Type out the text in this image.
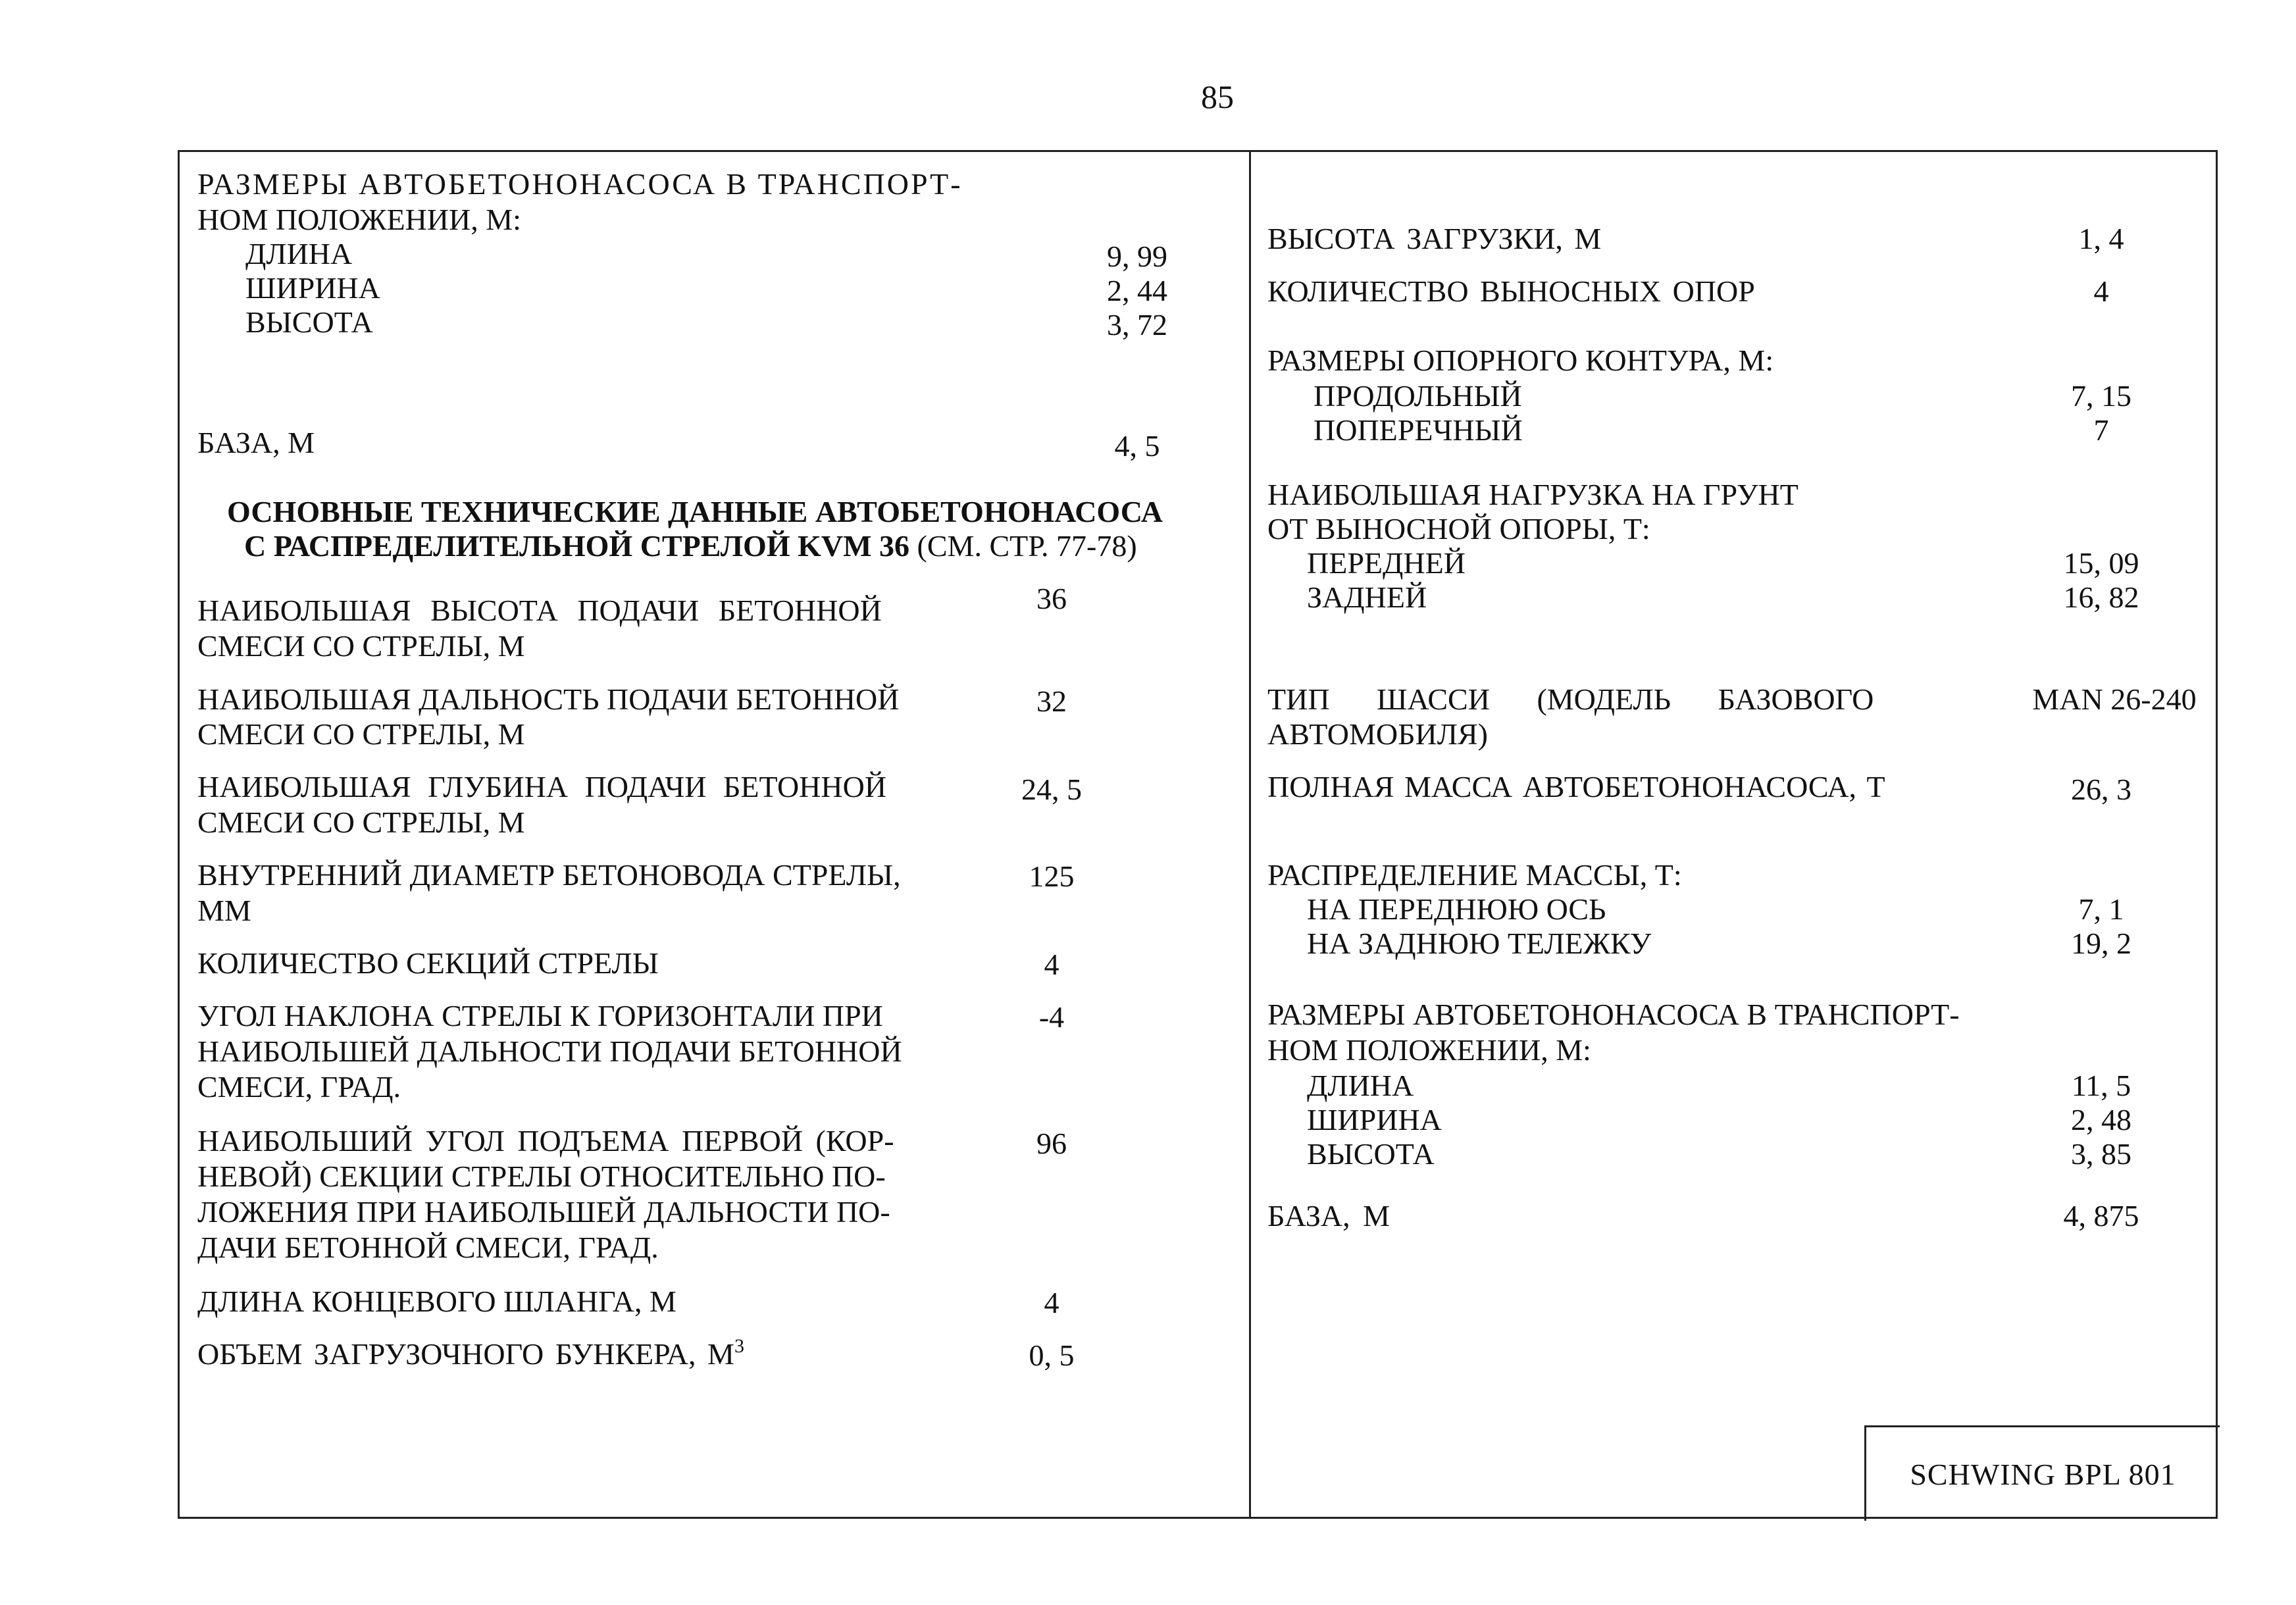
85
РАЗМЕРЫ АВТОБЕТОНОНАСОСА В ТРАНСПОРТ-
НОМ ПОЛОЖЕНИИ, М:
ДЛИНА	9, 99
ШИРИНА	2, 44
ВЫСОТА	3, 72
БАЗА, М	4, 5
ОСНОВНЫЕ ТЕХНИЧЕСКИЕ ДАННЫЕ АВТОБЕТОНОНАСОСА
С РАСПРЕДЕЛИТЕЛЬНОЙ СТРЕЛОЙ KVM 36 (СМ. СТР. 77-78)
НАИБОЛЬШАЯ ВЫСОТА ПОДАЧИ БЕТОННОЙ
СМЕСИ СО СТРЕЛЫ, М
36
НАИБОЛЬШАЯ ДАЛЬНОСТЬ ПОДАЧИ БЕТОННОЙ
СМЕСИ СО СТРЕЛЫ, М
32
НАИБОЛЬШАЯ ГЛУБИНА ПОДАЧИ БЕТОННОЙ
СМЕСИ СО СТРЕЛЫ, М
24, 5
ВНУТРЕННИЙ ДИАМЕТР БЕТОНОВОДА СТРЕЛЫ,
ММ
125
КОЛИЧЕСТВО СЕКЦИЙ СТРЕЛЫ	4
УГОЛ НАКЛОНА СТРЕЛЫ К ГОРИЗОНТАЛИ ПРИ
НАИБОЛЬШЕЙ ДАЛЬНОСТИ ПОДАЧИ БЕТОННОЙ
СМЕСИ, ГРАД.
-4
НАИБОЛЬШИЙ УГОЛ ПОДЪЕМА ПЕРВОЙ (КОР-
НЕВОЙ) СЕКЦИИ СТРЕЛЫ ОТНОСИТЕЛЬНО ПО-
ЛОЖЕНИЯ ПРИ НАИБОЛЬШЕЙ ДАЛЬНОСТИ ПО-
ДАЧИ БЕТОННОЙ СМЕСИ, ГРАД.
96
ДЛИНА КОНЦЕВОГО ШЛАНГА, М	4
ОБЪЕМ ЗАГРУЗОЧНОГО БУНКЕРА, $М^3$	0, 5
ВЫСОТА ЗАГРУЗКИ, М	1, 4
КОЛИЧЕСТВО ВЫНОСНЫХ ОПОР	4
РАЗМЕРЫ ОПОРНОГО КОНТУРА, М:
ПРОДОЛЬНЫЙ	7, 15
ПОПЕРЕЧНЫЙ	7
НАИБОЛЬШАЯ НАГРУЗКА НА ГРУНТ
ОТ ВЫНОСНОЙ ОПОРЫ, Т:
ПЕРЕДНЕЙ	15, 09
ЗАДНЕЙ	16, 82
ТИП ШАССИ (МОДЕЛЬ БАЗОВОГО
АВТОМОБИЛЯ)
MAN 26-240
ПОЛНАЯ МАССА АВТОБЕТОНОНАСОСА, Т	26, 3
РАСПРЕДЕЛЕНИЕ МАССЫ, Т:
НА ПЕРЕДНЮЮ ОСЬ	7, 1
НА ЗАДНЮЮ ТЕЛЕЖКУ	19, 2
РАЗМЕРЫ АВТОБЕТОНОНАСОСА В ТРАНСПОРТ-
НОМ ПОЛОЖЕНИИ, М:
ДЛИНА	11, 5
ШИРИНА	2, 48
ВЫСОТА	3, 85
БАЗА, М	4, 875
SCHWING BPL 801
